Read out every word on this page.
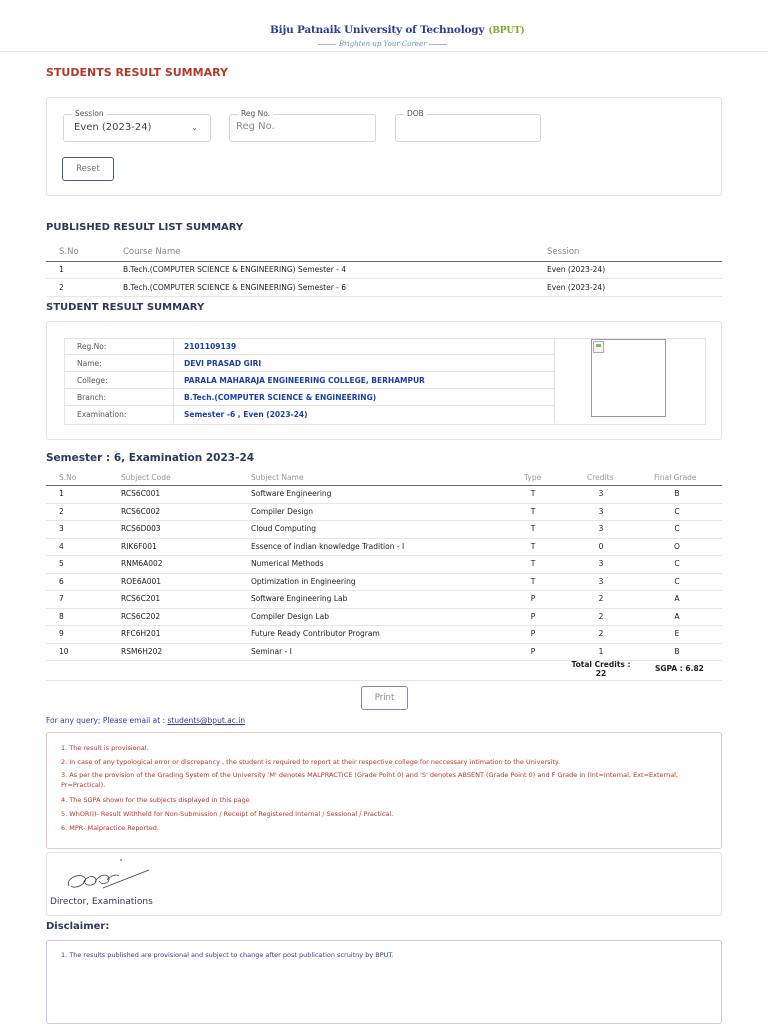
Biju Patnaik University of Technology (BPUT)
Brighten up Your Career
STUDENTS RESULT SUMMARY
Session
Even (2023-24)	⌄
Reg No.
Reg No.	DOB
Reset
PUBLISHED RESULT LIST SUMMARY
S.No	Course Name	Session
1	B.Tech.(COMPUTER SCIENCE & ENGINEERING) Semester - 4	Even (2023-24)
2	B.Tech.(COMPUTER SCIENCE & ENGINEERING) Semester - 6	Even (2023-24)
STUDENT RESULT SUMMARY
Reg.No:	2101109139
Name:	DEVI PRASAD GIRI
College:	PARALA MAHARAJA ENGINEERING COLLEGE, BERHAMPUR
Branch:	B.Tech.(COMPUTER SCIENCE & ENGINEERING)
Examination:	Semester -6 , Even (2023-24)
Semester : 6, Examination 2023-24
S.No	Subject Code	Subject Name	Type	Credits	Final Grade
1	RCS6C001	Software Engineering	T	3	B
2	RCS6C002	Compiler Design	T	3	C
3	RCS6D003	Cloud Computing	T	3	C
4	RIK6F001	Essence of indian knowledge Tradition - I	T	0	O
5	RNM6A002	Numerical Methods	T	3	C
6	ROE6A001	Optimization in Engineering	T	3	C
7	RCS6C201	Software Engineering Lab	P	2	A
8	RCS6C202	Compiler Design Lab	P	2	A
9	RFC6H201	Future Ready Contributor Program	P	2	E
10	RSM6H202	Seminar - I	P	1	B
Total Credits :
22
SGPA : 6.82
Print
For any query; Please email at : students@bput.ac.in
1. The result is provisional.
2. In case of any typological error or discrepancy , the student is required to report at their respective college for neccessary intimation to the University.
3. As per the provision of the Grading System of the University 'M' denotes MALPRACTICE (Grade Point 0) and 'S' denotes ABSENT (Grade Point 0) and F Grade in (Int=Internal, Ext=External, Pr=Practical).
4. The SGPA shown for the subjects displayed in this page
5. WhOR(I)- Result Withheld for Non-Submission / Receipt of Registered Internal / Sessional / Practical.
6. MPR- Malpractice Reported.
Director, Examinations
Disclaimer:
1. The results published are provisional and subject to change after post publication scruitny by BPUT.
